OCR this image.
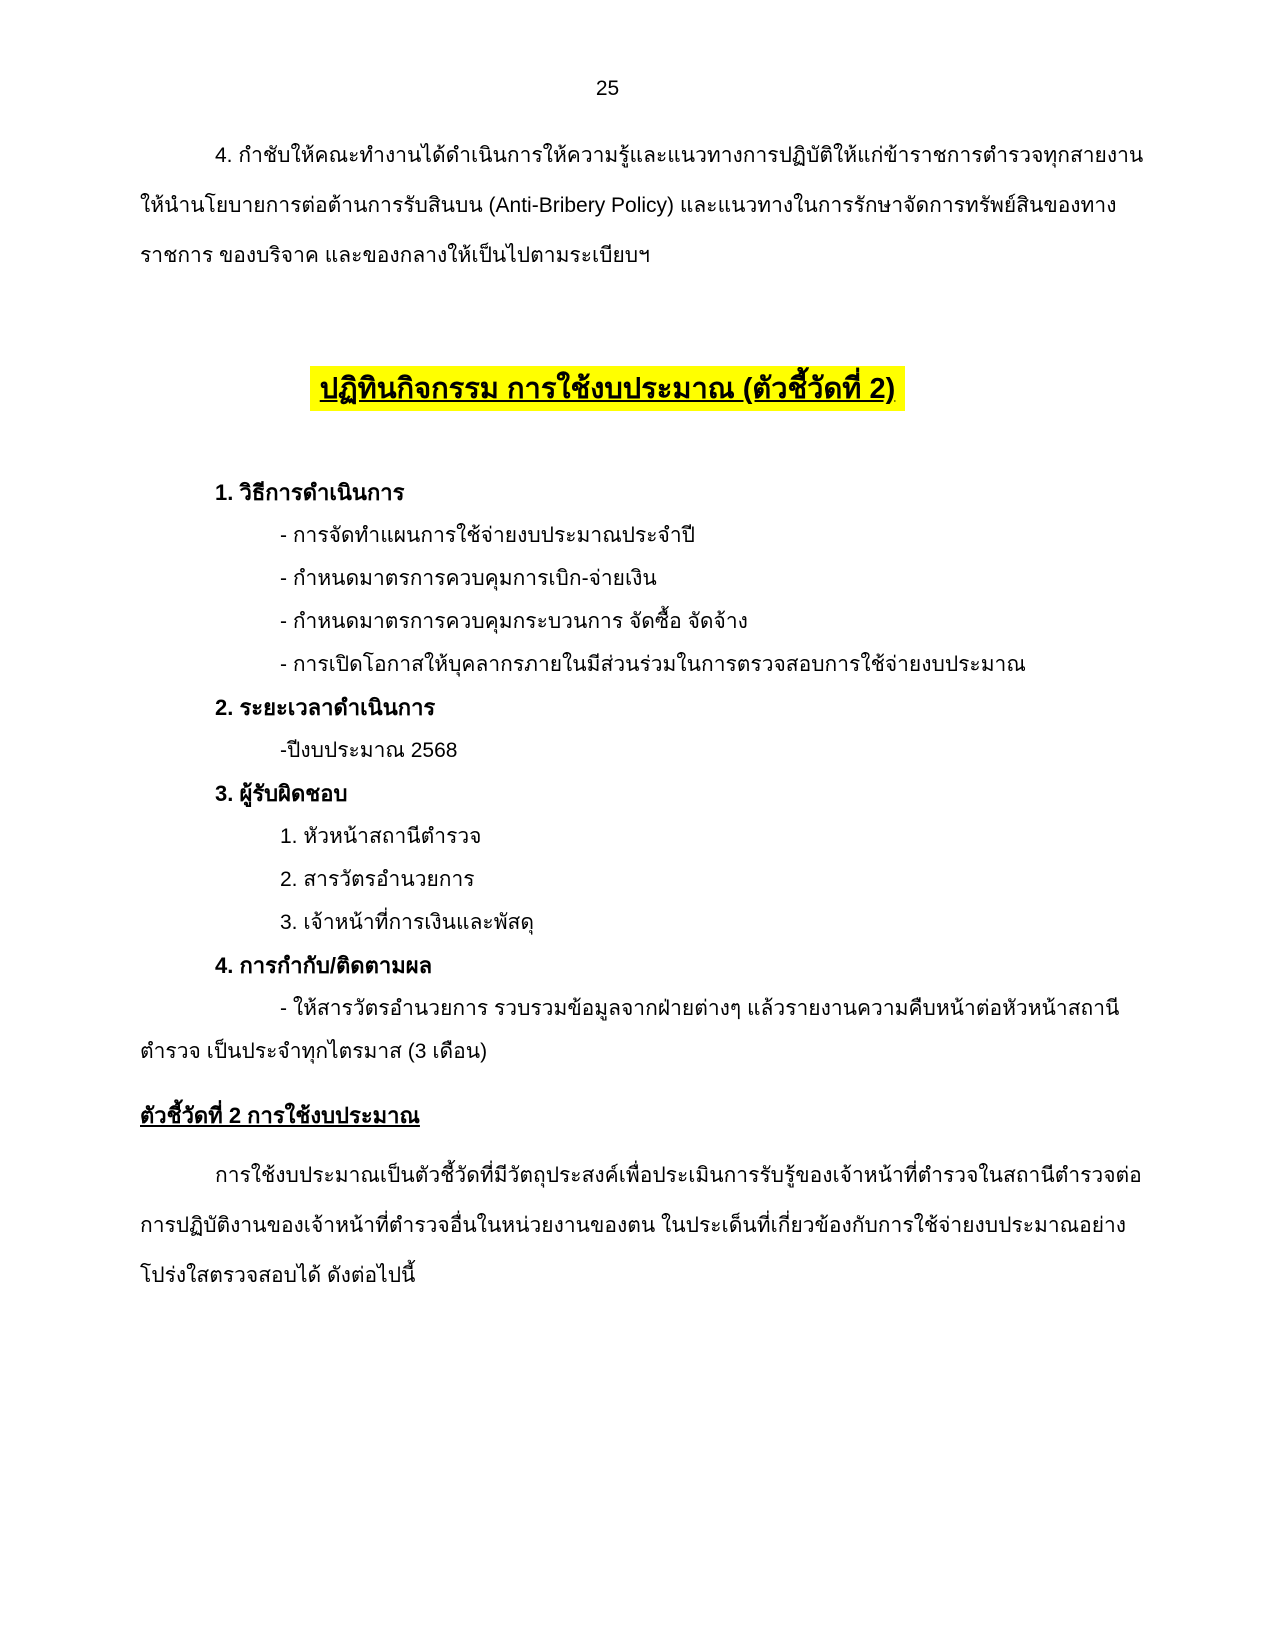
25
4. กำชับให้คณะทำงานได้ดำเนินการให้ความรู้และแนวทางการปฏิบัติให้แก่ข้าราชการตำรวจทุกสายงาน
ให้นำนโยบายการต่อต้านการรับสินบน (Anti-Bribery Policy) และแนวทางในการรักษาจัดการทรัพย์สินของทาง
ราชการ ของบริจาค และของกลางให้เป็นไปตามระเบียบฯ
ปฏิทินกิจกรรม การใช้งบประมาณ (ตัวชี้วัดที่ 2)
1. วิธีการดำเนินการ
- การจัดทำแผนการใช้จ่ายงบประมาณประจำปี
- กำหนดมาตรการควบคุมการเบิก-จ่ายเงิน
- กำหนดมาตรการควบคุมกระบวนการ จัดซื้อ จัดจ้าง
- การเปิดโอกาสให้บุคลากรภายในมีส่วนร่วมในการตรวจสอบการใช้จ่ายงบประมาณ
2. ระยะเวลาดำเนินการ
-ปีงบประมาณ 2568
3. ผู้รับผิดชอบ
1. หัวหน้าสถานีตำรวจ
2. สารวัตรอำนวยการ
3. เจ้าหน้าที่การเงินและพัสดุ
4. การกำกับ/ติดตามผล
- ให้สารวัตรอำนวยการ รวบรวมข้อมูลจากฝ่ายต่างๆ แล้วรายงานความคืบหน้าต่อหัวหน้าสถานี
ตำรวจ เป็นประจำทุกไตรมาส (3 เดือน)
ตัวชี้วัดที่ 2 การใช้งบประมาณ
การใช้งบประมาณเป็นตัวชี้วัดที่มีวัตถุประสงค์เพื่อประเมินการรับรู้ของเจ้าหน้าที่ตำรวจในสถานีตำรวจต่อ
การปฏิบัติงานของเจ้าหน้าที่ตำรวจอื่นในหน่วยงานของตน ในประเด็นที่เกี่ยวข้องกับการใช้จ่ายงบประมาณอย่าง
โปร่งใสตรวจสอบได้ ดังต่อไปนี้
